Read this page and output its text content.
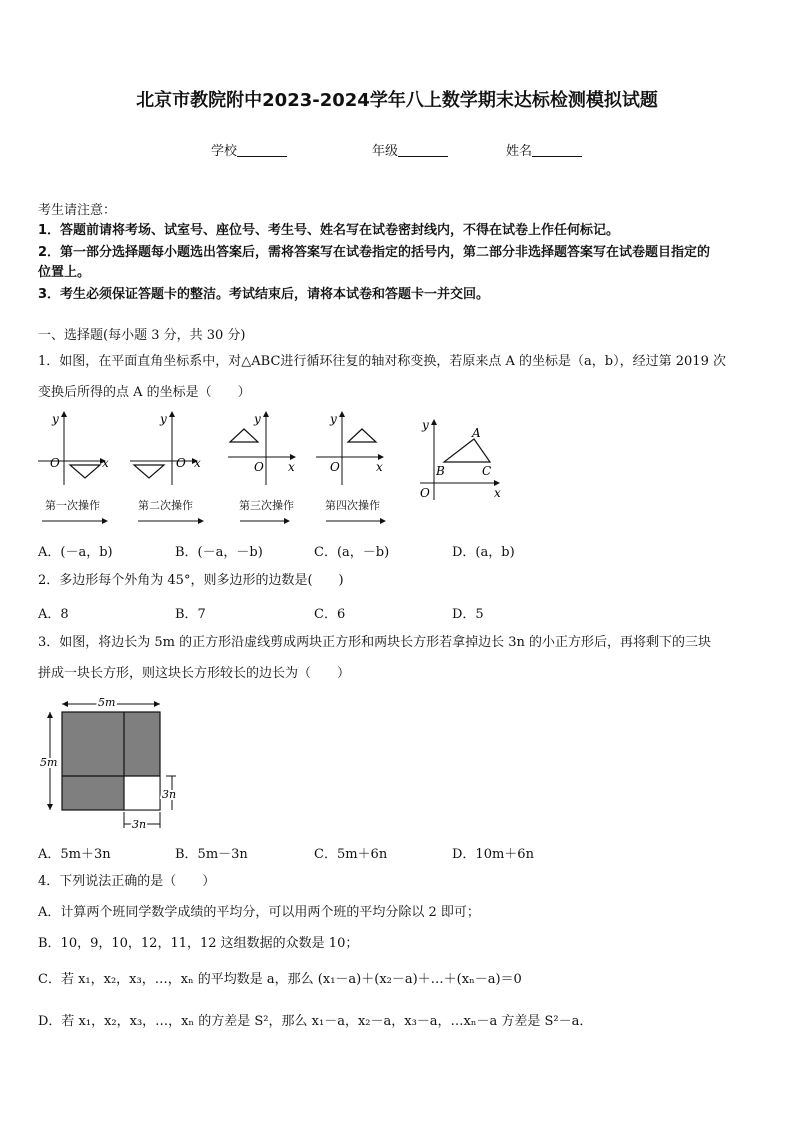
北京市教院附中2023-2024学年八上数学期末达标检测模拟试题
学校	年级	姓名
考生请注意：
1．答题前请将考场、试室号、座位号、考生号、姓名写在试卷密封线内，不得在试卷上作任何标记。
2．第一部分选择题每小题选出答案后，需将答案写在试卷指定的括号内，第二部分非选择题答案写在试卷题目指定的
位置上。
3．考生必须保证答题卡的整洁。考试结束后，请将本试卷和答题卡一并交回。
一、选择题(每小题 3 分，共 30 分)
1．如图，在平面直角坐标系中，对△ABC进行循环往复的轴对称变换，若原来点 A 的坐标是（a，b），经过第 2019 次
变换后所得的点 A 的坐标是（　　）
y
O	x
y
O x
y
O x
y
O	x
y
O	x
A
B	C
第一次操作	第二次操作	第三次操作	第四次操作
A．(－a，b)	B．(－a，－b)	C．(a，－b)	D．(a，b)
2．多边形每个外角为 45°，则多边形的边数是(　　)
A．8	B．7	C．6	D．5
3．如图，将边长为 5m 的正方形沿虚线剪成两块正方形和两块长方形若拿掉边长 3n 的小正方形后，再将剩下的三块
拼成一块长方形，则这块长方形较长的边长为（　　）
5m
5m
3n
3n
A．5m＋3n	B．5m－3n	C．5m＋6n	D．10m＋6n
4．下列说法正确的是（　　）
A．计算两个班同学数学成绩的平均分，可以用两个班的平均分除以 2 即可；
B．10，9，10，12，11，12 这组数据的众数是 10；
C．若 x₁，x₂，x₃，…，xₙ 的平均数是 a，那么 (x₁－a)＋(x₂－a)＋…＋(xₙ－a)＝0
D．若 x₁，x₂，x₃，…，xₙ 的方差是 S²，那么 x₁－a，x₂－a，x₃－a，…xₙ－a 方差是 S²－a．
